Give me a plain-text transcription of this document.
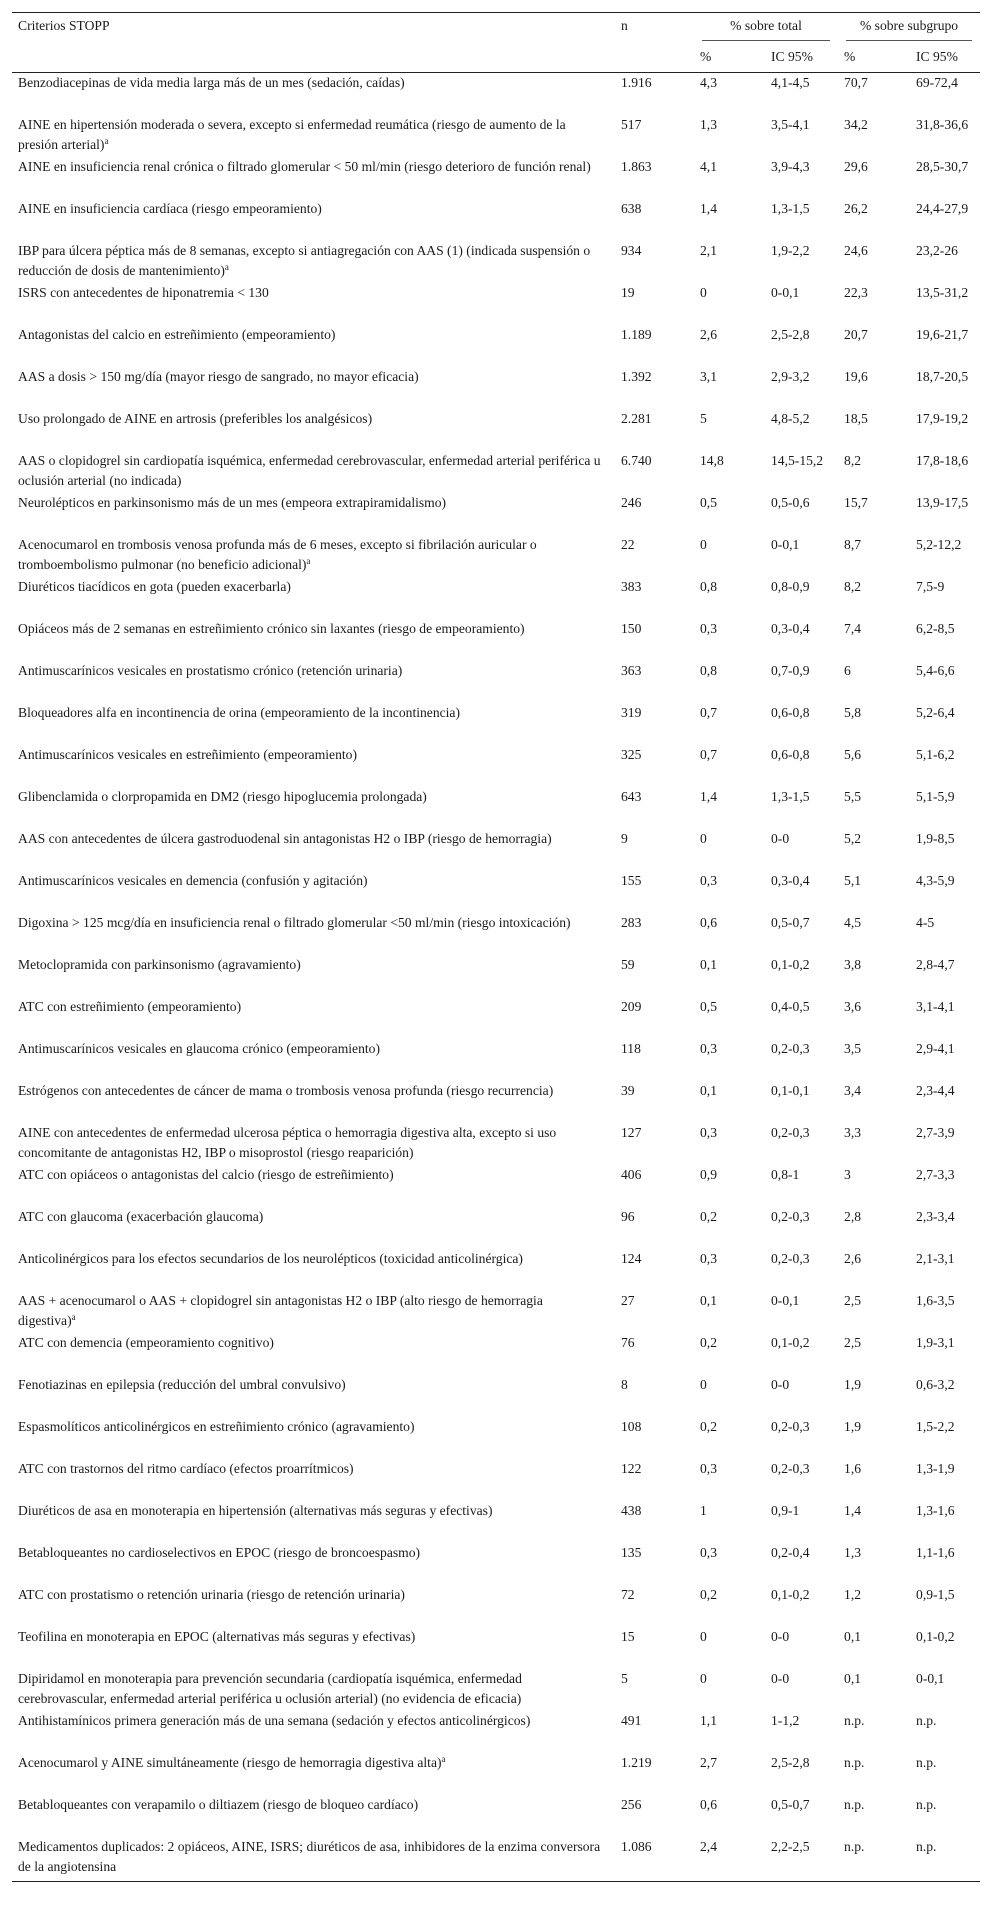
Criterios STOPP	n	% sobre total		% sobre subgrupo	

		%	IC 95%	%	IC 95%
Benzodiacepinas de vida media larga más de un mes (sedación, caídas)	1.916	4,3	4,1-4,5	70,7	69-72,4
AINE en hipertensión moderada o severa, excepto si enfermedad reumática (riesgo de aumento de la presión arterial)$^a$	517	1,3	3,5-4,1	34,2	31,8-36,6
AINE en insuficiencia renal crónica o filtrado glomerular < 50 ml/min (riesgo deterioro de función renal)	1.863	4,1	3,9-4,3	29,6	28,5-30,7
AINE en insuficiencia cardíaca (riesgo empeoramiento)	638	1,4	1,3-1,5	26,2	24,4-27,9
IBP para úlcera péptica más de 8 semanas, excepto si antiagregación con AAS (1) (indicada suspensión o reducción de dosis de mantenimiento)$^a$	934	2,1	1,9-2,2	24,6	23,2-26
ISRS con antecedentes de hiponatremia < 130	19	0	0-0,1	22,3	13,5-31,2
Antagonistas del calcio en estreñimiento (empeoramiento)	1.189	2,6	2,5-2,8	20,7	19,6-21,7
AAS a dosis > 150 mg/día (mayor riesgo de sangrado, no mayor eficacia)	1.392	3,1	2,9-3,2	19,6	18,7-20,5
Uso prolongado de AINE en artrosis (preferibles los analgésicos)	2.281	5	4,8-5,2	18,5	17,9-19,2
AAS o clopidogrel sin cardiopatía isquémica, enfermedad cerebrovascular, enfermedad arterial periférica u oclusión arterial (no indicada)	6.740	14,8	14,5-15,2	8,2	17,8-18,6
Neurolépticos en parkinsonismo más de un mes (empeora extrapiramidalismo)	246	0,5	0,5-0,6	15,7	13,9-17,5
Acenocumarol en trombosis venosa profunda más de 6 meses, excepto si fibrilación auricular o tromboembolismo pulmonar (no beneficio adicional)$^a$	22	0	0-0,1	8,7	5,2-12,2
Diuréticos tiacídicos en gota (pueden exacerbarla)	383	0,8	0,8-0,9	8,2	7,5-9
Opiáceos más de 2 semanas en estreñimiento crónico sin laxantes (riesgo de empeoramiento)	150	0,3	0,3-0,4	7,4	6,2-8,5
Antimuscarínicos vesicales en prostatismo crónico (retención urinaria)	363	0,8	0,7-0,9	6	5,4-6,6
Bloqueadores alfa en incontinencia de orina (empeoramiento de la incontinencia)	319	0,7	0,6-0,8	5,8	5,2-6,4
Antimuscarínicos vesicales en estreñimiento (empeoramiento)	325	0,7	0,6-0,8	5,6	5,1-6,2
Glibenclamida o clorpropamida en DM2 (riesgo hipoglucemia prolongada)	643	1,4	1,3-1,5	5,5	5,1-5,9
AAS con antecedentes de úlcera gastroduodenal sin antagonistas H2 o IBP (riesgo de hemorragia)	9	0	0-0	5,2	1,9-8,5
Antimuscarínicos vesicales en demencia (confusión y agitación)	155	0,3	0,3-0,4	5,1	4,3-5,9
Digoxina > 125 mcg/día en insuficiencia renal o filtrado glomerular <50 ml/min (riesgo intoxicación)	283	0,6	0,5-0,7	4,5	4-5
Metoclopramida con parkinsonismo (agravamiento)	59	0,1	0,1-0,2	3,8	2,8-4,7
ATC con estreñimiento (empeoramiento)	209	0,5	0,4-0,5	3,6	3,1-4,1
Antimuscarínicos vesicales en glaucoma crónico (empeoramiento)	118	0,3	0,2-0,3	3,5	2,9-4,1
Estrógenos con antecedentes de cáncer de mama o trombosis venosa profunda (riesgo recurrencia)	39	0,1	0,1-0,1	3,4	2,3-4,4
AINE con antecedentes de enfermedad ulcerosa péptica o hemorragia digestiva alta, excepto si uso concomitante de antagonistas H2, IBP o misoprostol (riesgo reaparición)	127	0,3	0,2-0,3	3,3	2,7-3,9
ATC con opiáceos o antagonistas del calcio (riesgo de estreñimiento)	406	0,9	0,8-1	3	2,7-3,3
ATC con glaucoma (exacerbación glaucoma)	96	0,2	0,2-0,3	2,8	2,3-3,4
Anticolinérgicos para los efectos secundarios de los neurolépticos (toxicidad anticolinérgica)	124	0,3	0,2-0,3	2,6	2,1-3,1
AAS + acenocumarol o AAS + clopidogrel sin antagonistas H2 o IBP (alto riesgo de hemorragia digestiva)$^a$	27	0,1	0-0,1	2,5	1,6-3,5
ATC con demencia (empeoramiento cognitivo)	76	0,2	0,1-0,2	2,5	1,9-3,1
Fenotiazinas en epilepsia (reducción del umbral convulsivo)	8	0	0-0	1,9	0,6-3,2
Espasmolíticos anticolinérgicos en estreñimiento crónico (agravamiento)	108	0,2	0,2-0,3	1,9	1,5-2,2
ATC con trastornos del ritmo cardíaco (efectos proarrítmicos)	122	0,3	0,2-0,3	1,6	1,3-1,9
Diuréticos de asa en monoterapia en hipertensión (alternativas más seguras y efectivas)	438	1	0,9-1	1,4	1,3-1,6
Betabloqueantes no cardioselectivos en EPOC (riesgo de broncoespasmo)	135	0,3	0,2-0,4	1,3	1,1-1,6
ATC con prostatismo o retención urinaria (riesgo de retención urinaria)	72	0,2	0,1-0,2	1,2	0,9-1,5
Teofilina en monoterapia en EPOC (alternativas más seguras y efectivas)	15	0	0-0	0,1	0,1-0,2
Dipiridamol en monoterapia para prevención secundaria (cardiopatía isquémica, enfermedad cerebrovascular, enfermedad arterial periférica u oclusión arterial) (no evidencia de eficacia)	5	0	0-0	0,1	0-0,1
Antihistamínicos primera generación más de una semana (sedación y efectos anticolinérgicos)	491	1,1	1-1,2	n.p.	n.p.
Acenocumarol y AINE simultáneamente (riesgo de hemorragia digestiva alta)$^a$	1.219	2,7	2,5-2,8	n.p.	n.p.
Betabloqueantes con verapamilo o diltiazem (riesgo de bloqueo cardíaco)	256	0,6	0,5-0,7	n.p.	n.p.
Medicamentos duplicados: 2 opiáceos, AINE, ISRS; diuréticos de asa, inhibidores de la enzima conversora de la angiotensina	1.086	2,4	2,2-2,5	n.p.	n.p.
